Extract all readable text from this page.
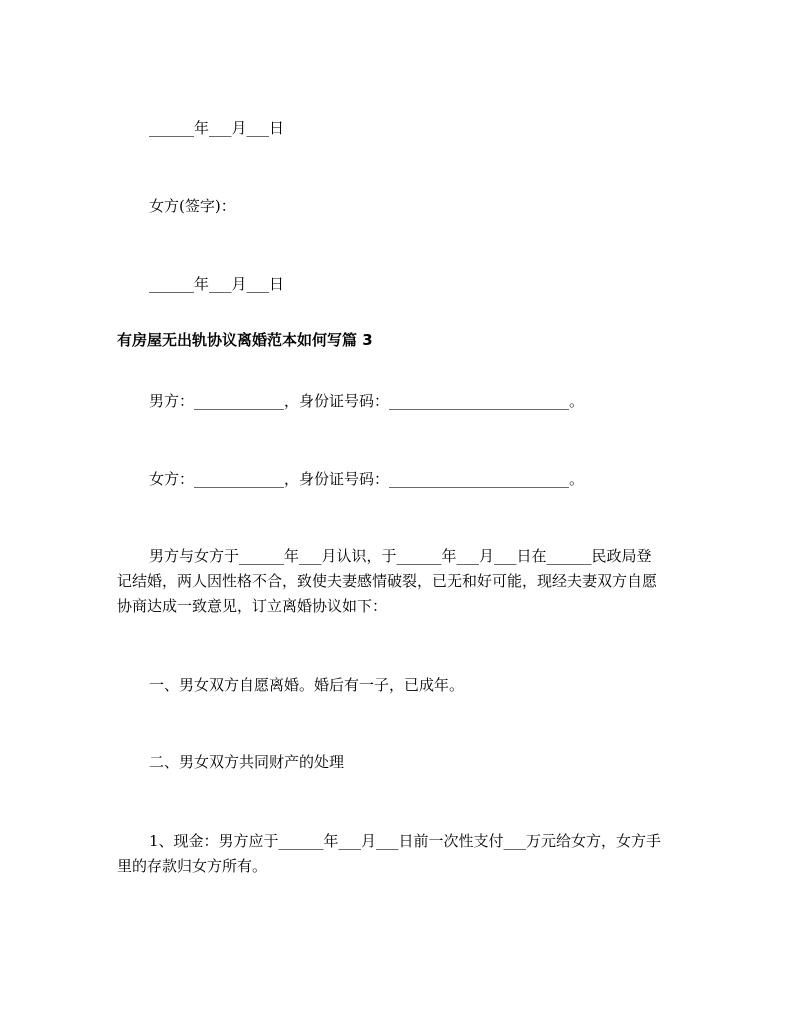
______年___月___日
女方(签字)：
______年___月___日
有房屋无出轨协议离婚范本如何写篇 3
男方：____________，身份证号码：________________________。
女方：____________，身份证号码：________________________。
男方与女方于______年___月认识，于______年___月___日在______民政局登
记结婚，两人因性格不合，致使夫妻感情破裂，已无和好可能，现经夫妻双方自愿
协商达成一致意见，订立离婚协议如下：
一、男女双方自愿离婚。婚后有一子，已成年。
二、男女双方共同财产的处理
1、现金：男方应于______年___月___日前一次性支付___万元给女方，女方手
里的存款归女方所有。
